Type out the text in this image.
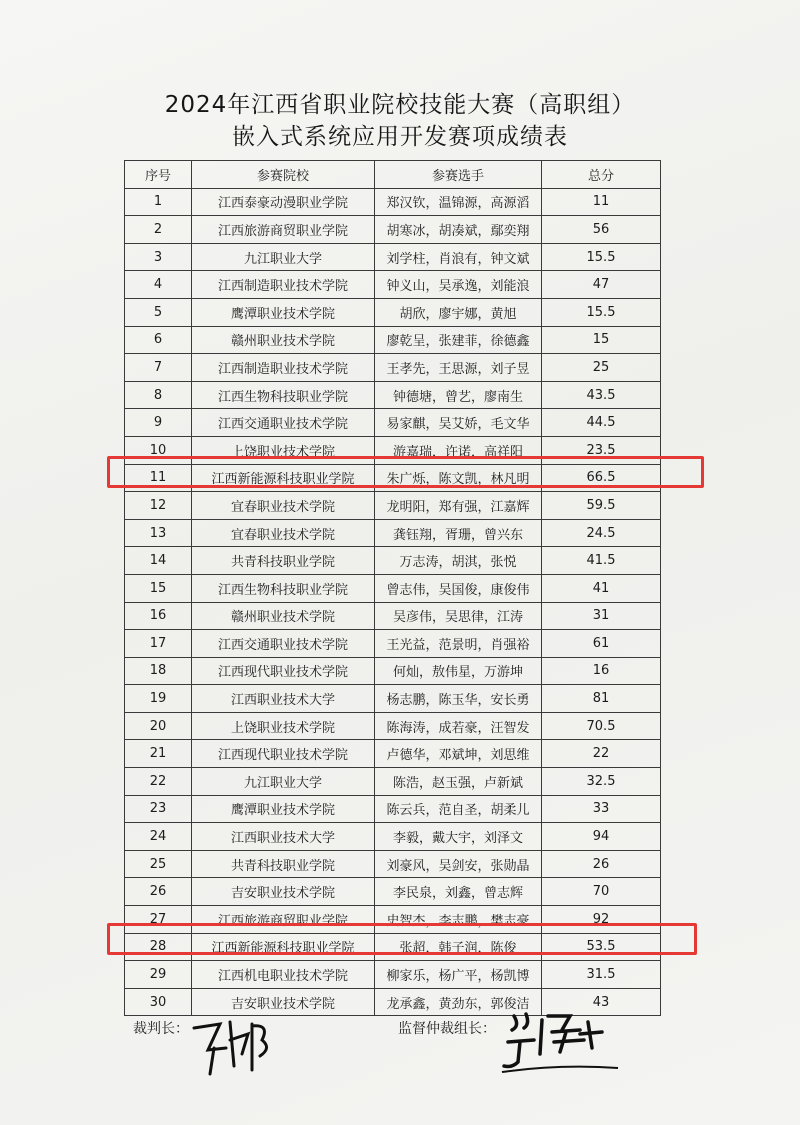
2024年江西省职业院校技能大赛（高职组）
嵌入式系统应用开发赛项成绩表
序号	参赛院校	参赛选手	总分
1	江西泰豪动漫职业学院	郑汉钦，温锦源，高源滔	11
2	江西旅游商贸职业学院	胡寒冰，胡凑斌，鄢奕翔	56
3	九江职业大学	刘学柱，肖浪有，钟文斌	15.5
4	江西制造职业技术学院	钟义山，吴承逸，刘能浪	47
5	鹰潭职业技术学院	胡欣，廖宇娜，黄旭	15.5
6	赣州职业技术学院	廖乾呈，张建菲，徐德鑫	15
7	江西制造职业技术学院	王孝先，王思源，刘子昱	25
8	江西生物科技职业学院	钟德塘，曾艺，廖南生	43.5
9	江西交通职业技术学院	易家麒，吴艾娇，毛文华	44.5
10	上饶职业技术学院	游嘉瑞，许诺，高祥阳	23.5
11	江西新能源科技职业学院	朱广烁，陈文凯，林凡明	66.5
12	宜春职业技术学院	龙明阳，郑有强，江嘉辉	59.5
13	宜春职业技术学院	龚钰翔，胥珊，曾兴东	24.5
14	共青科技职业学院	万志涛，胡淇，张悦	41.5
15	江西生物科技职业学院	曾志伟，吴国俊，康俊伟	41
16	赣州职业技术学院	吴彦伟，吴思律，江涛	31
17	江西交通职业技术学院	王光益，范景明，肖强裕	61
18	江西现代职业技术学院	何灿，敖伟星，万游坤	16
19	江西职业技术大学	杨志鹏，陈玉华，安长勇	81
20	上饶职业技术学院	陈海涛，成若豪，汪智发	70.5
21	江西现代职业技术学院	卢德华，邓斌坤，刘思维	22
22	九江职业大学	陈浩，赵玉强，卢新斌	32.5
23	鹰潭职业技术学院	陈云兵，范自圣，胡柔儿	33
24	江西职业技术大学	李毅，戴大宇，刘泽文	94
25	共青科技职业学院	刘豪风，吴剑安，张勋晶	26
26	吉安职业技术学院	李民泉，刘鑫，曾志辉	70
27	江西旅游商贸职业学院	史智杰，李志鹏，樊志豪	92
28	江西新能源科技职业学院	张超，韩子润，陈俊	53.5
29	江西机电职业技术学院	柳家乐，杨广平，杨凯博	31.5
30	吉安职业技术学院	龙承鑫，黄劲东，郭俊洁	43
裁判长：	监督仲裁组长：
